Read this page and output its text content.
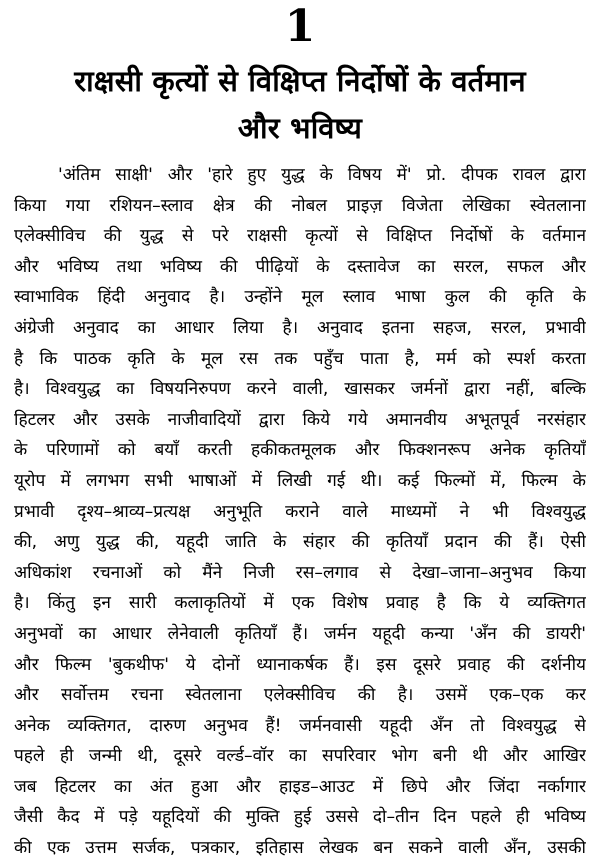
1
राक्षसी कृत्यों से विक्षिप्त निर्दोषों के वर्तमान
और भविष्य
'अंतिम साक्षी' और 'हारे हुए युद्ध के विषय में' प्रो. दीपक रावल द्वारा
किया गया रशियन–स्लाव क्षेत्र की नोबल प्राइज़ विजेता लेखिका स्वेतलाना
एलेक्सीविच की युद्ध से परे राक्षसी कृत्यों से विक्षिप्त निर्दोषों के वर्तमान
और भविष्य तथा भविष्य की पीढ़ियों के दस्तावेज का सरल, सफल और
स्वाभाविक हिंदी अनुवाद है। उन्होंने मूल स्लाव भाषा कुल की कृति के
अंग्रेजी अनुवाद का आधार लिया है। अनुवाद इतना सहज, सरल, प्रभावी
है कि पाठक कृति के मूल रस तक पहुँच पाता है, मर्म को स्पर्श करता
है। विश्वयुद्ध का विषयनिरुपण करने वाली, खासकर जर्मनों द्वारा नहीं, बल्कि
हिटलर और उसके नाजीवादियों द्वारा किये गये अमानवीय अभूतपूर्व नरसंहार
के परिणामों को बयाँ करती हकीकतमूलक और फिक्शनरूप अनेक कृतियाँ
यूरोप में लगभग सभी भाषाओं में लिखी गई थी। कई फिल्मों में, फिल्म के
प्रभावी दृश्य–श्राव्य–प्रत्यक्ष अनुभूति कराने वाले माध्यमों ने भी विश्वयुद्ध
की, अणु युद्ध की, यहूदी जाति के संहार की कृतियाँ प्रदान की हैं। ऐसी
अधिकांश रचनाओं को मैंने निजी रस–लगाव से देखा–जाना–अनुभव किया
है। किंतु इन सारी कलाकृतियों में एक विशेष प्रवाह है कि ये व्यक्तिगत
अनुभवों का आधार लेनेवाली कृतियाँ हैं। जर्मन यहूदी कन्या 'अँन की डायरी'
और फिल्म 'बुकथीफ' ये दोनों ध्यानाकर्षक हैं। इस दूसरे प्रवाह की दर्शनीय
और सर्वोत्तम रचना स्वेतलाना एलेक्सीविच की है। उसमें एक–एक कर
अनेक व्यक्तिगत, दारुण अनुभव हैं! जर्मनवासी यहूदी अँन तो विश्वयुद्ध से
पहले ही जन्मी थी, दूसरे वर्ल्ड–वॉर का सपरिवार भोग बनी थी और आखिर
जब हिटलर का अंत हुआ और हाइड–आउट में छिपे और जिंदा नर्कागार
जैसी कैद में पड़े यहूदियों की मुक्ति हुई उससे दो–तीन दिन पहले ही भविष्य
की एक उत्तम सर्जक, पत्रकार, इतिहास लेखक बन सकने वाली अँन, उसकी
